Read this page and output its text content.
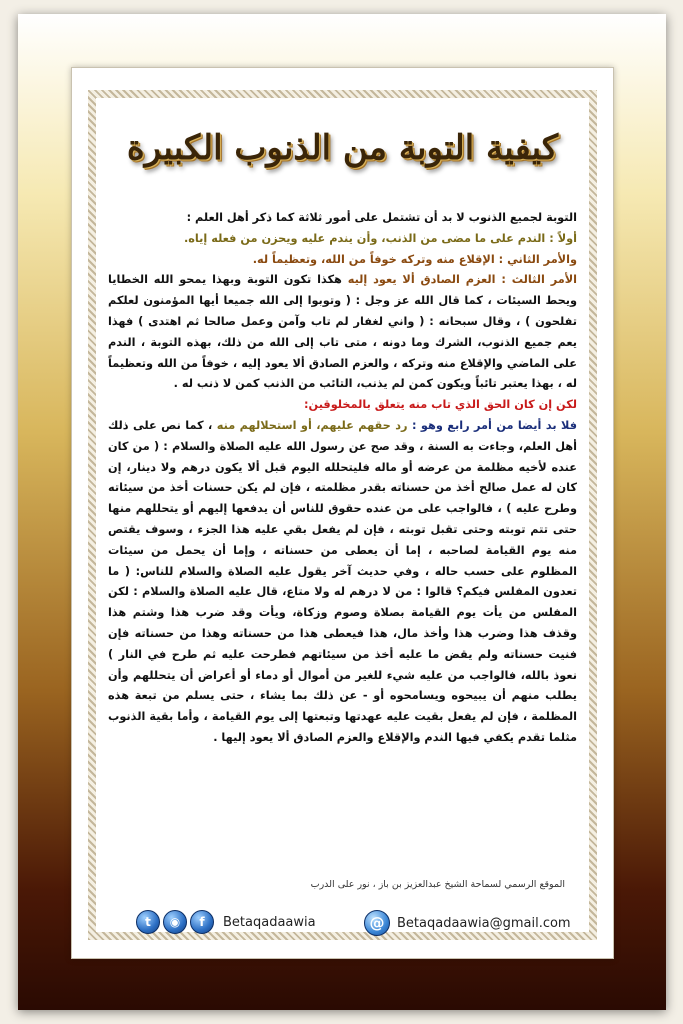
كيفية التوبة من الذنوب الكبيرة

التوبة لجميع الذنوب لا بد أن تشتمل على أمور ثلاثة كما ذكر أهل العلم :

أولاً : الندم على ما مضى من الذنب، وأن يندم عليه ويحزن من فعله إياه.

والأمر الثاني : الإقلاع منه وتركه خوفاً من الله، وتعظيماً له.

الأمر الثالث : العزم الصادق ألا يعود إليه هكذا تكون التوبة وبهذا يمحو الله الخطايا ويحط السيئات ، كما قال الله عز وجل : ( وتوبوا إلى الله جميعا أيها المؤمنون لعلكم تفلحون ) ، وقال سبحانه : ( واني لغفار لم تاب وآمن وعمل صالحا ثم اهتدى ) فهذا يعم جميع الذنوب، الشرك وما دونه ، متى تاب إلى الله من ذلك، بهذه التوبة ، الندم على الماضي والإقلاع منه وتركه ، والعزم الصادق ألا يعود إليه ، خوفاً من الله وتعظيماً له ، بهذا يعتبر تائباً ويكون كمن لم يذنب، التائب من الذنب كمن لا ذنب له .

لكن إن كان الحق الذي تاب منه يتعلق بالمخلوقين:

فلا بد أيضا من أمر رابع وهو : رد حقهم عليهم، أو استحلالهم منه ، كما نص على ذلك أهل العلم، وجاءت به السنة ، وقد صح عن رسول الله عليه الصلاة والسلام : ( من كان عنده لأخيه مظلمة من عرضه أو ماله فليتحلله اليوم قبل ألا يكون درهم ولا دينار، إن كان له عمل صالح أخذ من حسناته بقدر مظلمته ، فإن لم يكن حسنات أخذ من سيئاته وطرح عليه ) ، فالواجب على من عنده حقوق للناس أن يدفعها إليهم أو يتحللهم منها حتى تتم توبته وحتى تقبل توبته ، فإن لم يفعل بقي عليه هذا الجزء ، وسوف يقتص منه يوم القيامة لصاحبه ، إما أن يعطى من حسناته ، وإما أن يحمل من سيئات المظلوم على حسب حاله ، وفي حديث آخر يقول عليه الصلاة والسلام للناس: ( ما تعدون المفلس فيكم؟ قالوا : من لا درهم له ولا متاع، قال عليه الصلاة والسلام : لكن المفلس من يأت يوم القيامة بصلاة وصوم وزكاة، ويأت وقد ضرب هذا وشتم هذا وقذف هذا وضرب هذا وأخذ مال، هذا فيعطى هذا من حسناته وهذا من حسناته فإن فنيت حسناته ولم يقض ما عليه أخذ من سيئاتهم فطرحت عليه ثم طرح في النار ) نعوذ بالله، فالواجب من عليه شيء للغير من أموال أو دماء أو أعراض أن يتحللهم وأن يطلب منهم أن يبيحوه ويسامحوه أو - عن ذلك بما يشاء ، حتى يسلم من تبعة هذه المظلمة ، فإن لم يفعل بقيت عليه عهدتها وتبعتها إلى يوم القيامة ، وأما بقية الذنوب مثلما تقدم يكفي فيها الندم والإقلاع والعزم الصادق ألا يعود إليها .

الموقع الرسمي لسماحة الشيخ عبدالعزيز بن باز ، نور على الدرب
t	◉	f	Betaqadaawia	@ Betaqadaawia@gmail.com
